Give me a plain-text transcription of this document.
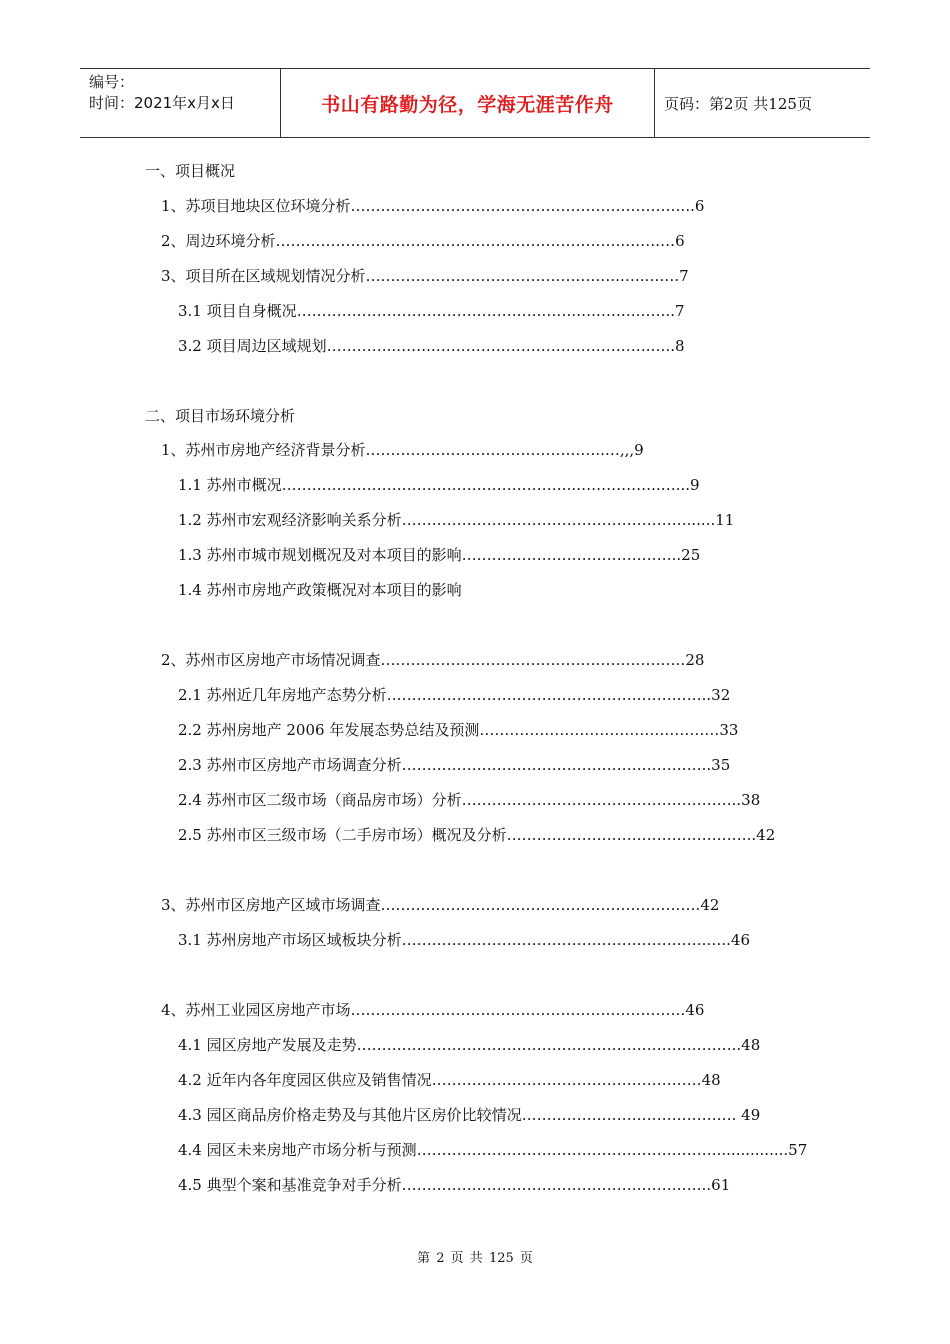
编号：
时间：2021年x月x日	书山有路勤为径，学海无涯苦作舟	页码：第2页 共125页
一、项目概况
1、苏项目地块区位环境分析…………………………………………………………...6
2、周边环境分析…………………………………………………………….…….…6
3、项目所在区域规划情况分析…………………………………….……..…..…….7
3.1 项目自身概况………………………………………….…….….……..……..7
3.2 项目周边区域规划…………..……..…………………………………….…..8
二、项目市场环境分析
1、苏州市房地产经济背景分析…………………………………….…..…,,,9
1.1 苏州市概况…………………………………………………..……………..…...9
1.2 苏州市宏观经济影响关系分析…………………………………………………......11
1.3 苏州市城市规划概况及对本项目的影响……………………………………..25
1.4 苏州市房地产政策概况对本项目的影响
2、苏州市区房地产市场情况调查…………………………………………………….28
2.1 苏州近几年房地产态势分析………………………………………………………..32
2.2 苏州房地产 2006 年发展态势总结及预测…………………………………………33
2.3 苏州市区房地产市场调查分析……………………………………………………..35
2.4 苏州市区二级市场（商品房市场）分析………………………………………………..38
2.5 苏州市区三级市场（二手房市场）概况及分析…………………………………………..42
3、苏州市区房地产区域市场调查……………………………………………………….42
3.1 苏州房地产市场区域板块分析…………………………………………………….…..46
4、苏州工业园区房地产市场………………………………………………………….46
4.1 园区房地产发展及走势…………………………………………………………………..48
4.2 近年内各年度园区供应及销售情况………………………………………………48
4.3 园区商品房价格走势及与其他片区房价比较情况……………………………………. 49
4.4 园区未来房地产市场分析与预测……………………………………………………...............57
4.5 典型个案和基准竞争对手分析……………………………………………………..61
第 2 页 共 125 页
